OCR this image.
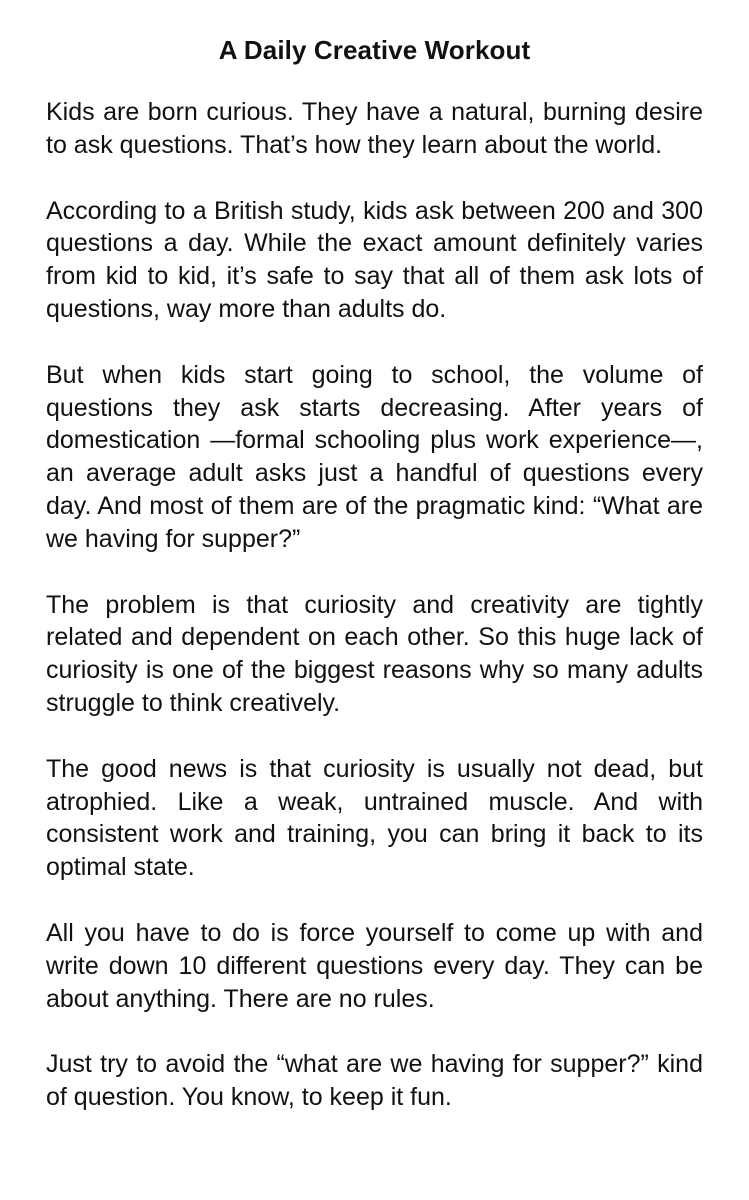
A Daily Creative Workout

Kids are born curious. They have a natural, burning desire to ask questions. That’s how they learn about the world.

According to a British study, kids ask between 200 and 300 questions a day. While the exact amount definitely varies from kid to kid, it’s safe to say that all of them ask lots of questions, way more than adults do.

But when kids start going to school, the volume of questions they ask starts decreasing. After years of domestication —formal schooling plus work experience—, an average adult asks just a handful of questions every day. And most of them are of the pragmatic kind: “What are we having for supper?”

The problem is that curiosity and creativity are tightly related and dependent on each other. So this huge lack of curiosity is one of the biggest reasons why so many adults struggle to think creatively.

The good news is that curiosity is usually not dead, but atrophied. Like a weak, untrained muscle. And with consistent work and training, you can bring it back to its optimal state.

All you have to do is force yourself to come up with and write down 10 different questions every day. They can be about anything. There are no rules.

Just try to avoid the “what are we having for supper?” kind of question. You know, to keep it fun.
